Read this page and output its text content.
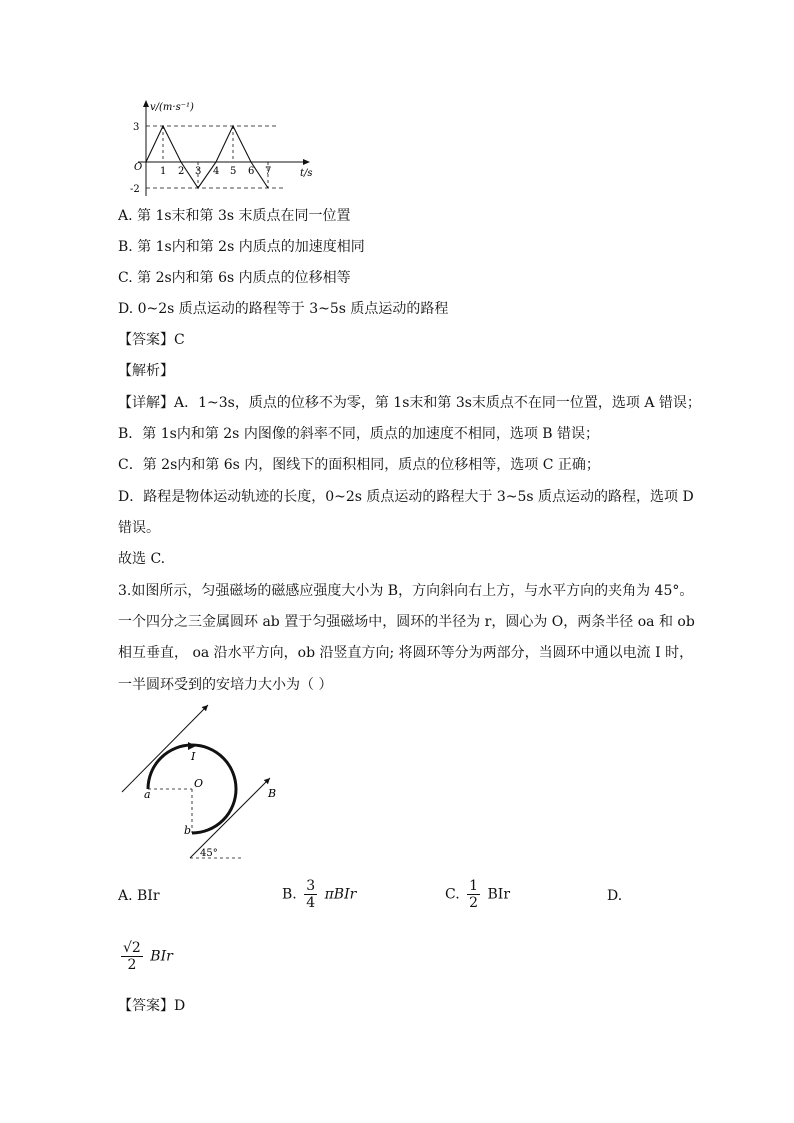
v/(m·s⁻¹)
t/s
O
3
-2
1 2 3 4 5 6 7
A. 第 1s末和第 3s 末质点在同一位置
B. 第 1s内和第 2s 内质点的加速度相同
C. 第 2s内和第 6s 内质点的位移相等
D. 0~2s 质点运动的路程等于 3~5s 质点运动的路程
【答案】C
【解析】
【详解】A．1~3s，质点的位移不为零，第 1s末和第 3s末质点不在同一位置，选项 A 错误；
B．第 1s内和第 2s 内图像的斜率不同，质点的加速度不相同，选项 B 错误；
C．第 2s内和第 6s 内，图线下的面积相同，质点的位移相等，选项 C 正确；
D．路程是物体运动轨迹的长度，0~2s 质点运动的路程大于 3~5s 质点运动的路程，选项 D
错误。
故选 C.
3.如图所示，匀强磁场的磁感应强度大小为 B，方向斜向右上方，与水平方向的夹角为 45°。
一个四分之三金属圆环 ab 置于匀强磁场中，圆环的半径为 r，圆心为 O，两条半径 oa 和 ob
相互垂直， oa 沿水平方向，ob 沿竖直方向; 将圆环等分为两部分，当圆环中通以电流 I 时，
一半圆环受到的安培力大小为（ ）
I
O
a
b
B
45°
A. BIr	B. $\frac{3}{4}$ πBIr	C. $\frac{1}{2}$ BIr	D.
$\frac{√2}{2}$ BIr
【答案】D
